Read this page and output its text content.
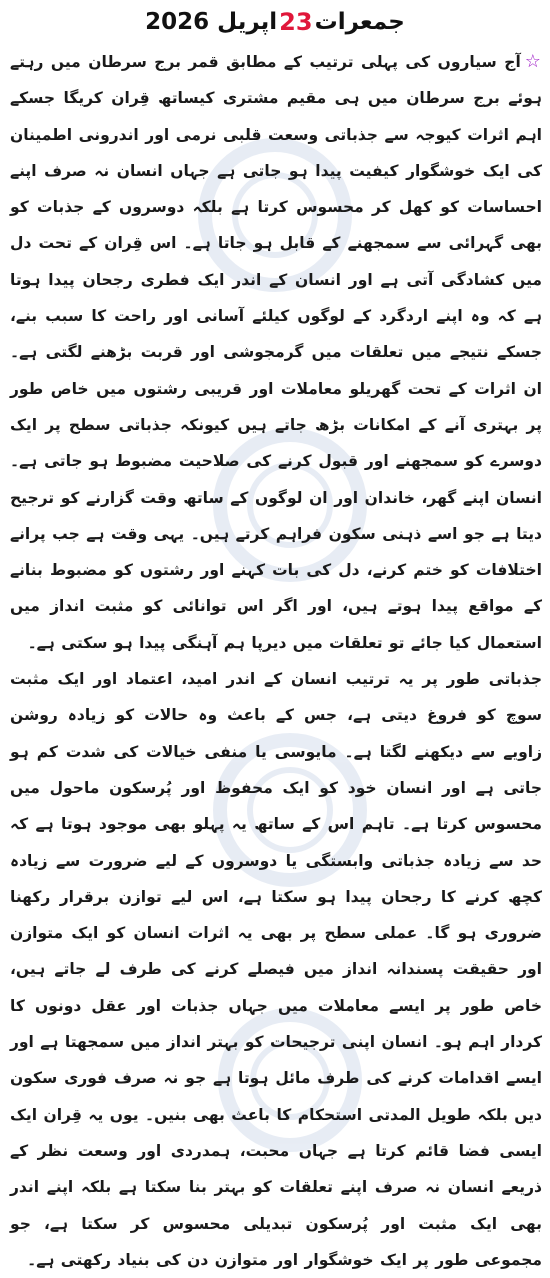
جمعرات
23
اپریل 2026

☆آج سیاروں کی پہلی ترتیب کے مطابق قمر برج سرطان میں رہتے ہوئے برج سرطان میں ہی مقیم مشتری کیساتھ قِران کریگا جسکے اہم اثرات کیوجہ سے جذباتی وسعت قلبی نرمی اور اندرونی اطمینان کی ایک خوشگوار کیفیت پیدا ہو جاتی ہے جہاں انسان نہ صرف اپنے احساسات کو کھل کر محسوس کرتا ہے بلکہ دوسروں کے جذبات کو بھی گہرائی سے سمجھنے کے قابل ہو جاتا ہے۔ اس قِران کے تحت دل میں کشادگی آتی ہے اور انسان کے اندر ایک فطری رجحان پیدا ہوتا ہے کہ وہ اپنے اردگرد کے لوگوں کیلئے آسانی اور راحت کا سبب بنے، جسکے نتیجے میں تعلقات میں گرمجوشی اور قربت بڑھنے لگتی ہے۔ ان اثرات کے تحت گھریلو معاملات اور قریبی رشتوں میں خاص طور پر بہتری آنے کے امکانات بڑھ جاتے ہیں کیونکہ جذباتی سطح پر ایک دوسرے کو سمجھنے اور قبول کرنے کی صلاحیت مضبوط ہو جاتی ہے۔ انسان اپنے گھر، خاندان اور ان لوگوں کے ساتھ وقت گزارنے کو ترجیح دیتا ہے جو اسے ذہنی سکون فراہم کرتے ہیں۔ یہی وقت ہے جب پرانے اختلافات کو ختم کرنے، دل کی بات کہنے اور رشتوں کو مضبوط بنانے کے مواقع پیدا ہوتے ہیں، اور اگر اس توانائی کو مثبت انداز میں استعمال کیا جائے تو تعلقات میں دیرپا ہم آہنگی پیدا ہو سکتی ہے۔

جذباتی طور پر یہ ترتیب انسان کے اندر امید، اعتماد اور ایک مثبت سوچ کو فروغ دیتی ہے، جس کے باعث وہ حالات کو زیادہ روشن زاویے سے دیکھنے لگتا ہے۔ مایوسی یا منفی خیالات کی شدت کم ہو جاتی ہے اور انسان خود کو ایک محفوظ اور پُرسکون ماحول میں محسوس کرتا ہے۔ تاہم اس کے ساتھ یہ پہلو بھی موجود ہوتا ہے کہ حد سے زیادہ جذباتی وابستگی یا دوسروں کے لیے ضرورت سے زیادہ کچھ کرنے کا رجحان پیدا ہو سکتا ہے، اس لیے توازن برقرار رکھنا ضروری ہو گا۔ عملی سطح پر بھی یہ اثرات انسان کو ایک متوازن اور حقیقت پسندانہ انداز میں فیصلے کرنے کی طرف لے جاتے ہیں، خاص طور پر ایسے معاملات میں جہاں جذبات اور عقل دونوں کا کردار اہم ہو۔ انسان اپنی ترجیحات کو بہتر انداز میں سمجھتا ہے اور ایسے اقدامات کرنے کی طرف مائل ہوتا ہے جو نہ صرف فوری سکون دیں بلکہ طویل المدتی استحکام کا باعث بھی بنیں۔ یوں یہ قِران ایک ایسی فضا قائم کرتا ہے جہاں محبت، ہمدردی اور وسعت نظر کے ذریعے انسان نہ صرف اپنے تعلقات کو بہتر بنا سکتا ہے بلکہ اپنے اندر بھی ایک مثبت اور پُرسکون تبدیلی محسوس کر سکتا ہے، جو مجموعی طور پر ایک خوشگوار اور متوازن دن کی بنیاد رکھتی ہے۔
